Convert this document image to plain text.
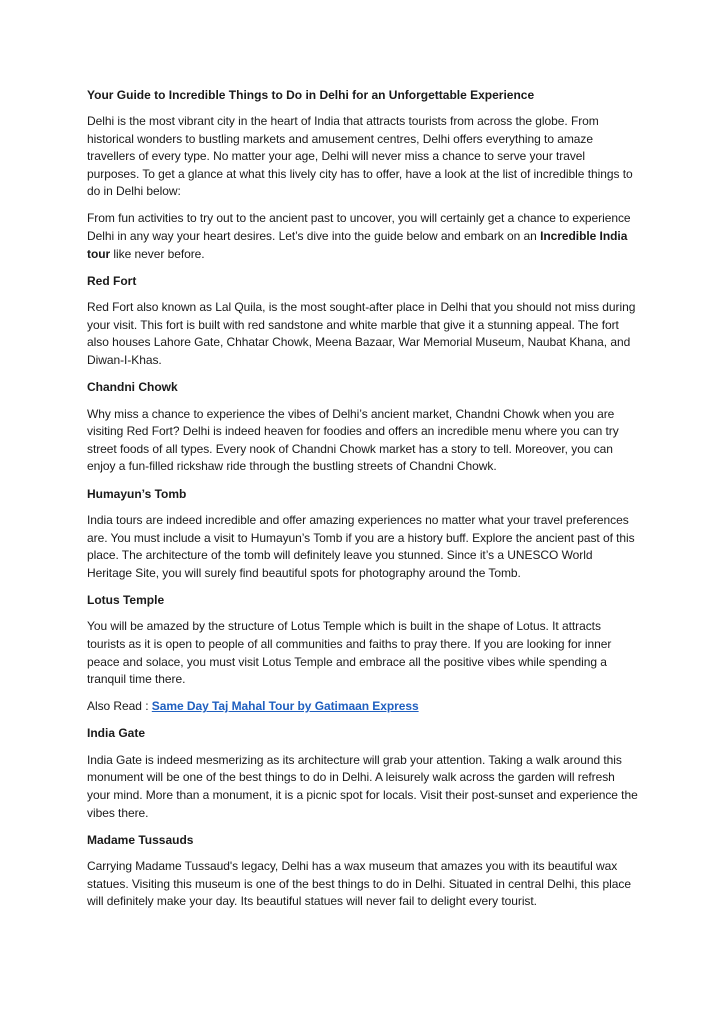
Your Guide to Incredible Things to Do in Delhi for an Unforgettable Experience

Delhi is the most vibrant city in the heart of India that attracts tourists from across the globe. From historical wonders to bustling markets and amusement centres, Delhi offers everything to amaze travellers of every type. No matter your age, Delhi will never miss a chance to serve your travel purposes. To get a glance at what this lively city has to offer, have a look at the list of incredible things to do in Delhi below:

From fun activities to try out to the ancient past to uncover, you will certainly get a chance to experience Delhi in any way your heart desires. Let’s dive into the guide below and embark on an Incredible India tour like never before.

Red Fort

Red Fort also known as Lal Quila, is the most sought-after place in Delhi that you should not miss during your visit. This fort is built with red sandstone and white marble that give it a stunning appeal. The fort also houses Lahore Gate, Chhatar Chowk, Meena Bazaar, War Memorial Museum, Naubat Khana, and Diwan-I-Khas.

Chandni Chowk

Why miss a chance to experience the vibes of Delhi’s ancient market, Chandni Chowk when you are visiting Red Fort? Delhi is indeed heaven for foodies and offers an incredible menu where you can try street foods of all types. Every nook of Chandni Chowk market has a story to tell. Moreover, you can enjoy a fun-filled rickshaw ride through the bustling streets of Chandni Chowk.

Humayun’s Tomb

India tours are indeed incredible and offer amazing experiences no matter what your travel preferences are. You must include a visit to Humayun’s Tomb if you are a history buff. Explore the ancient past of this place. The architecture of the tomb will definitely leave you stunned. Since it’s a UNESCO World Heritage Site, you will surely find beautiful spots for photography around the Tomb.

Lotus Temple

You will be amazed by the structure of Lotus Temple which is built in the shape of Lotus. It attracts tourists as it is open to people of all communities and faiths to pray there. If you are looking for inner peace and solace, you must visit Lotus Temple and embrace all the positive vibes while spending a tranquil time there.

Also Read : Same Day Taj Mahal Tour by Gatimaan Express

India Gate

India Gate is indeed mesmerizing as its architecture will grab your attention. Taking a walk around this monument will be one of the best things to do in Delhi. A leisurely walk across the garden will refresh your mind. More than a monument, it is a picnic spot for locals. Visit their post-sunset and experience the vibes there.

Madame Tussauds

Carrying Madame Tussaud's legacy, Delhi has a wax museum that amazes you with its beautiful wax statues. Visiting this museum is one of the best things to do in Delhi. Situated in central Delhi, this place will definitely make your day. Its beautiful statues will never fail to delight every tourist.
